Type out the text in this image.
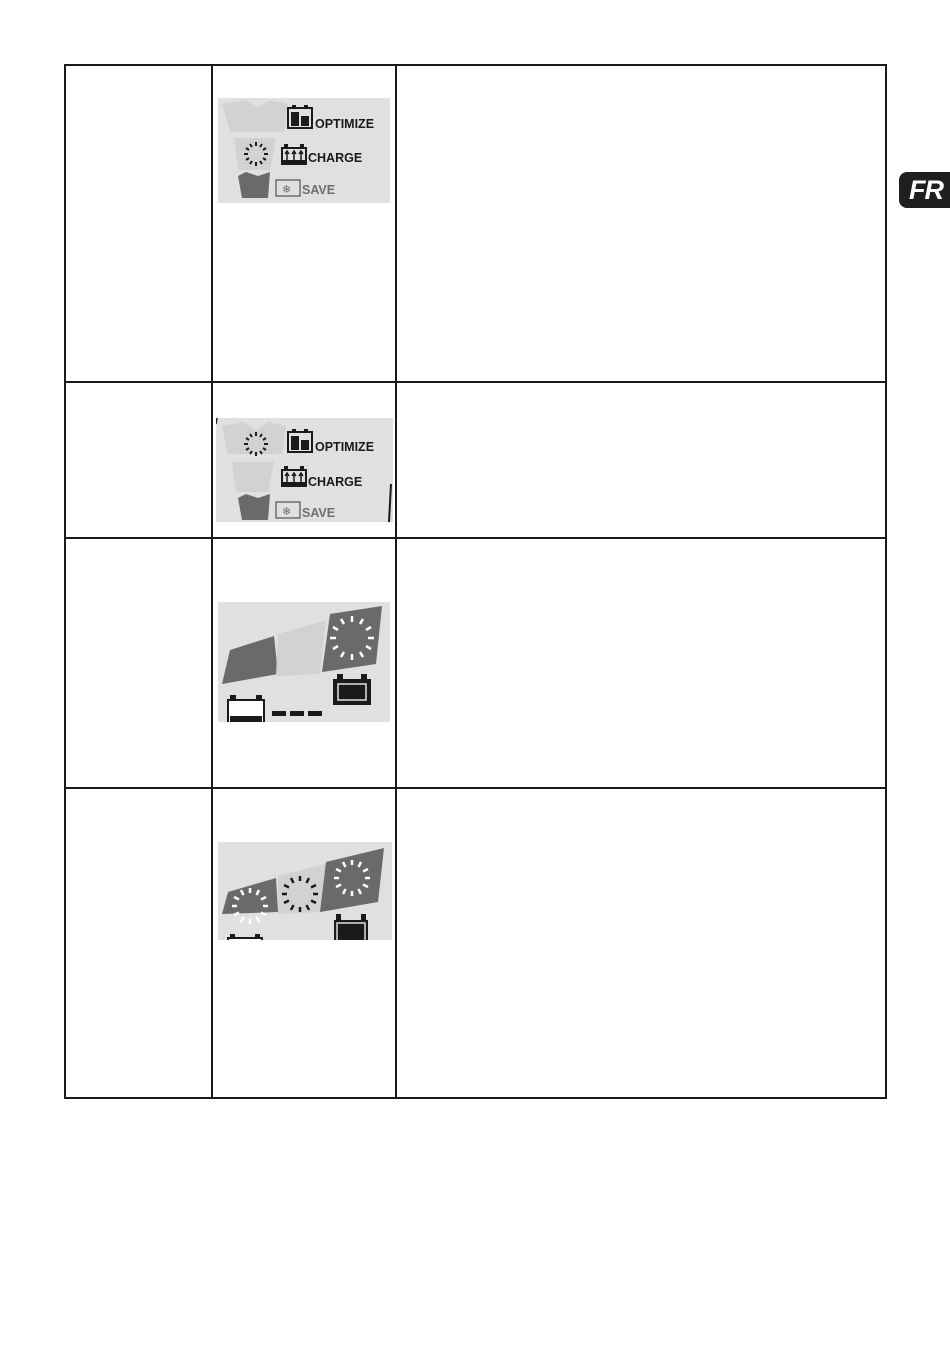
FR

OPTIMIZE
CHARGE
❄ SAVE	

OPTIMIZE
CHARGE
❄ SAVE	
